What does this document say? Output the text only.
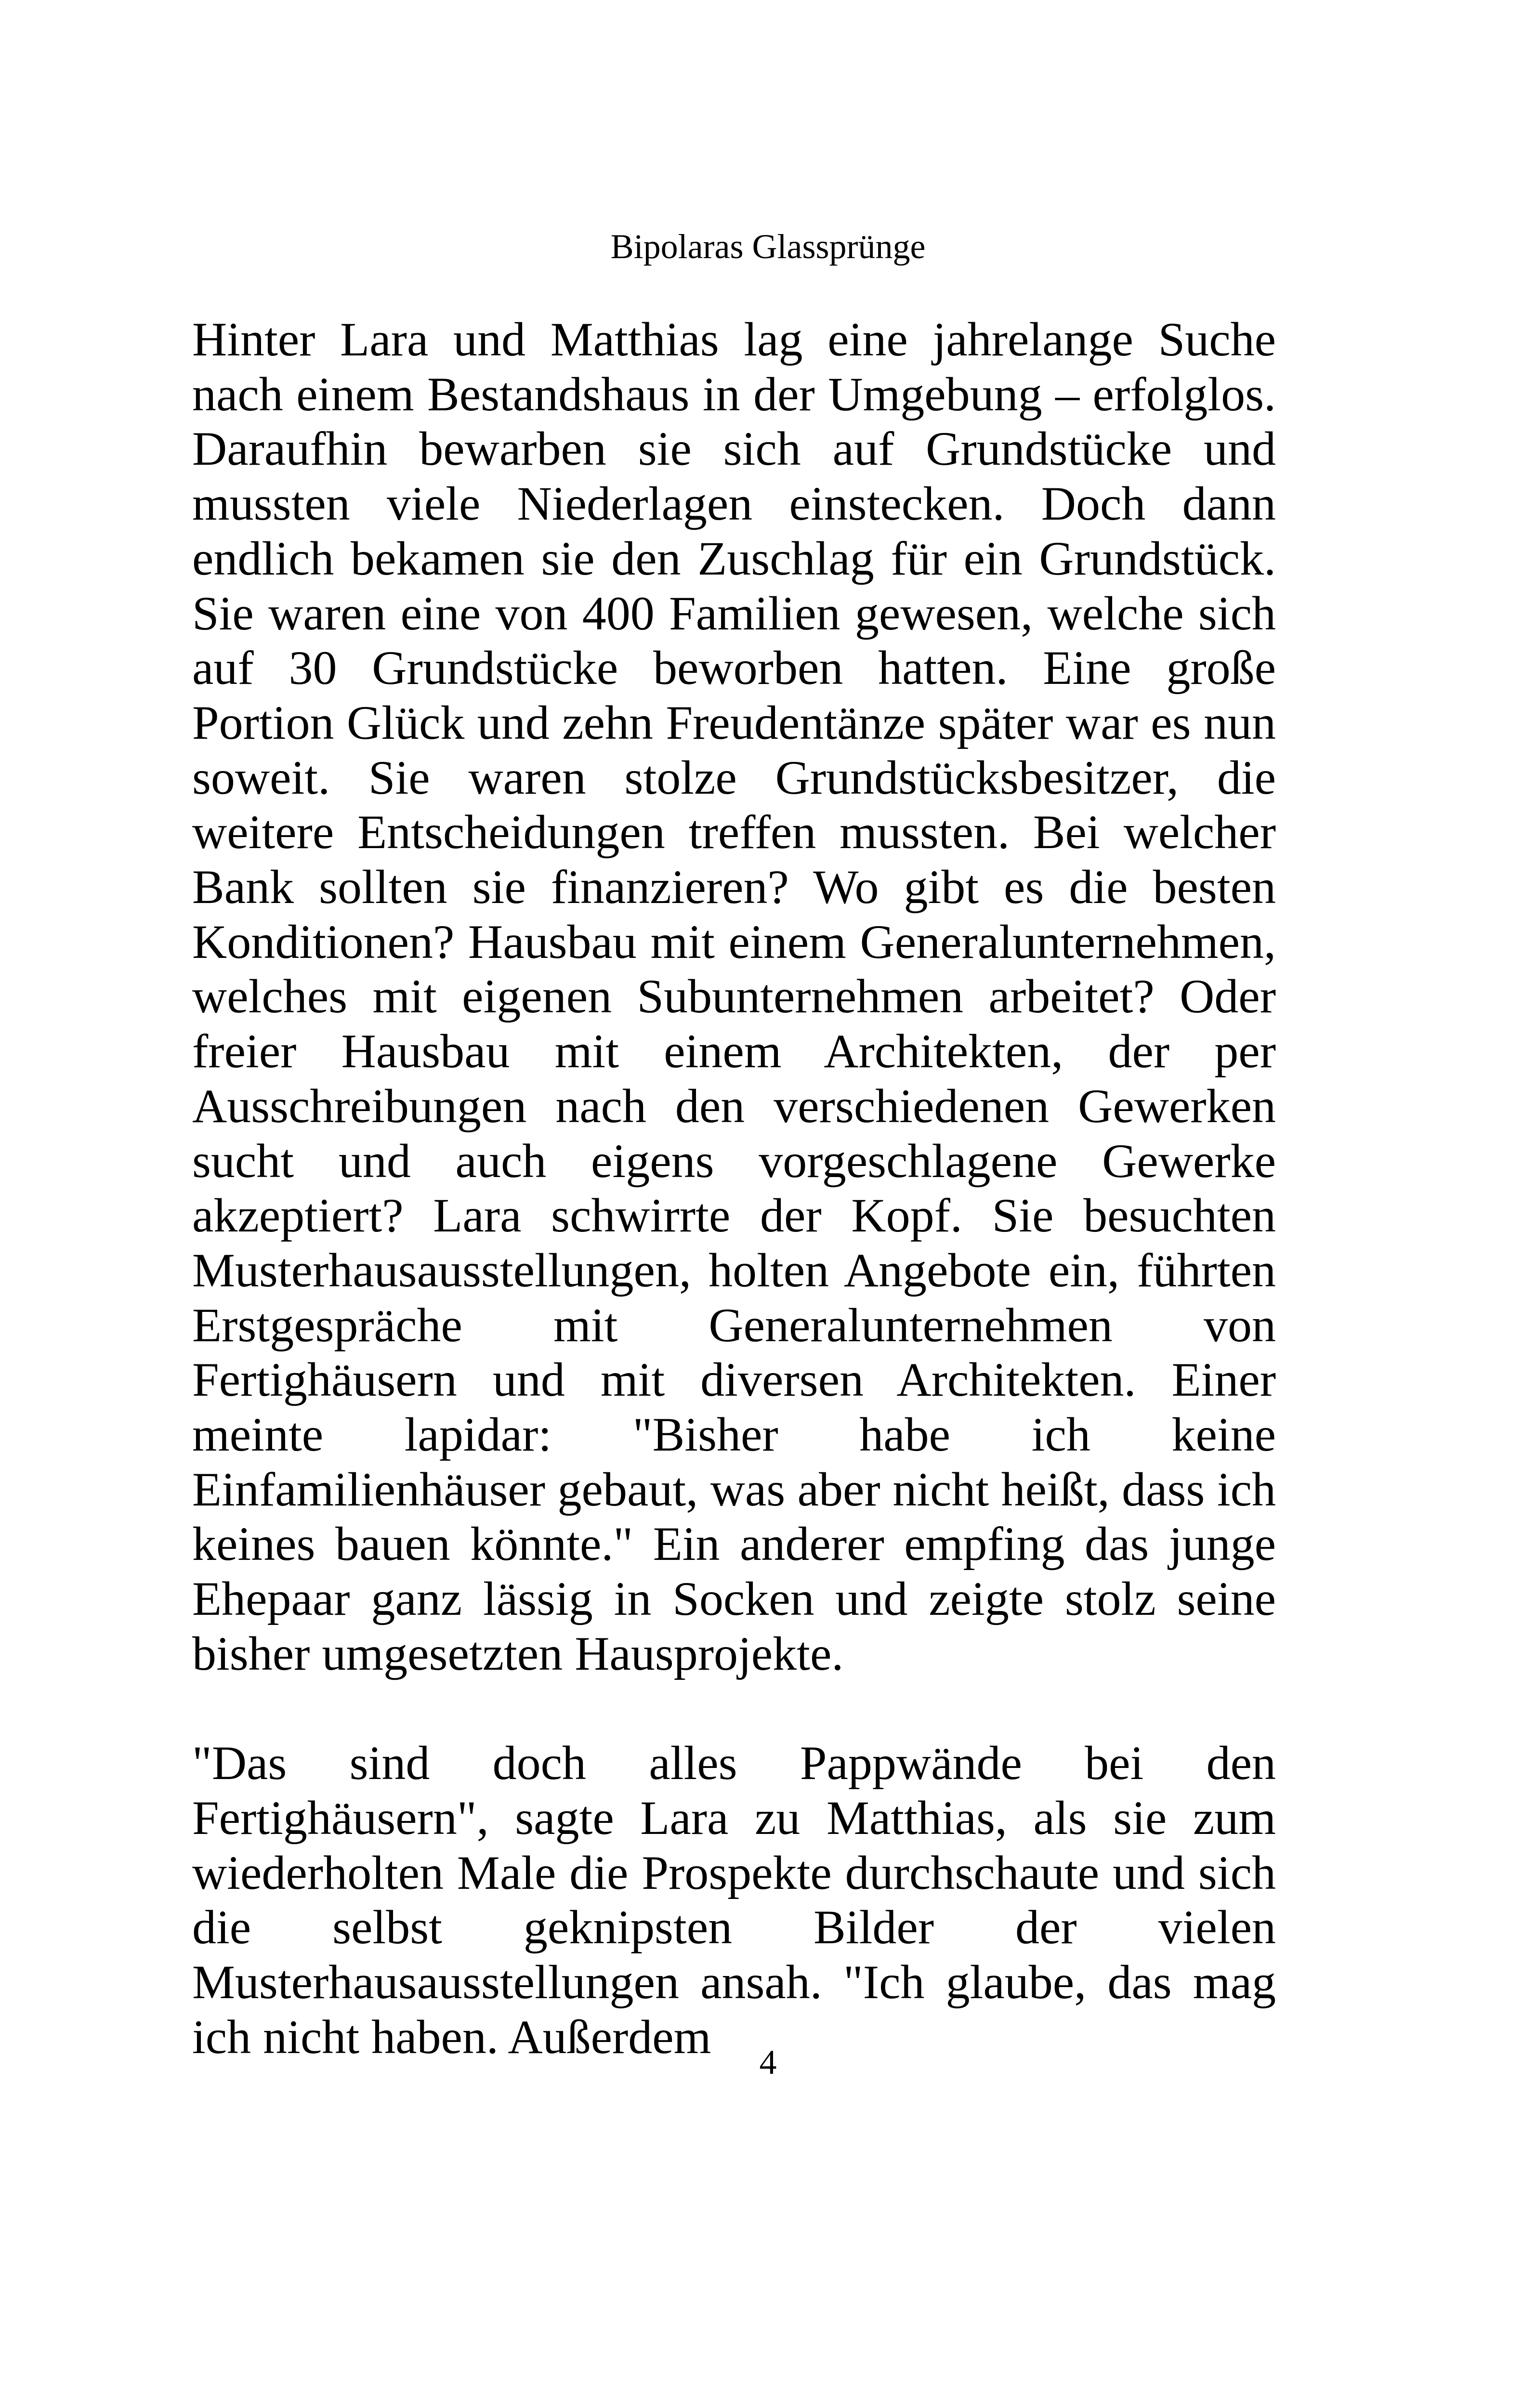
Bipolaras Glassprünge

Hinter Lara und Matthias lag eine jahrelange Suche nach einem Bestandshaus in der Umgebung – erfolglos. Daraufhin bewarben sie sich auf Grundstücke und mussten viele Niederlagen einstecken. Doch dann endlich bekamen sie den Zuschlag für ein Grundstück. Sie waren eine von 400 Familien gewesen, welche sich auf 30 Grundstücke beworben hatten. Eine große Portion Glück und zehn Freudentänze später war es nun soweit. Sie waren stolze Grundstücksbesitzer, die weitere Entscheidungen treffen mussten. Bei welcher Bank sollten sie finanzieren? Wo gibt es die besten Konditionen? Hausbau mit einem Generalunternehmen, welches mit eigenen Subunternehmen arbeitet? Oder freier Hausbau mit einem Architekten, der per Ausschreibungen nach den verschiedenen Gewerken sucht und auch eigens vorgeschlagene Gewerke akzeptiert? Lara schwirrte der Kopf. Sie besuchten Musterhausausstellungen, holten Angebote ein, führten Erstgespräche mit Generalunternehmen von Fertighäusern und mit diversen Architekten. Einer meinte lapidar: "Bisher habe ich keine Einfamilienhäuser gebaut, was aber nicht heißt, dass ich keines bauen könnte." Ein anderer empfing das junge Ehepaar ganz lässig in Socken und zeigte stolz seine bisher umgesetzten Hausprojekte.

"Das sind doch alles Pappwände bei den Fertighäusern", sagte Lara zu Matthias, als sie zum wiederholten Male die Prospekte durchschaute und sich die selbst geknipsten Bilder der vielen Musterhausausstellungen ansah. "Ich glaube, das mag ich nicht haben. Außerdem	4
